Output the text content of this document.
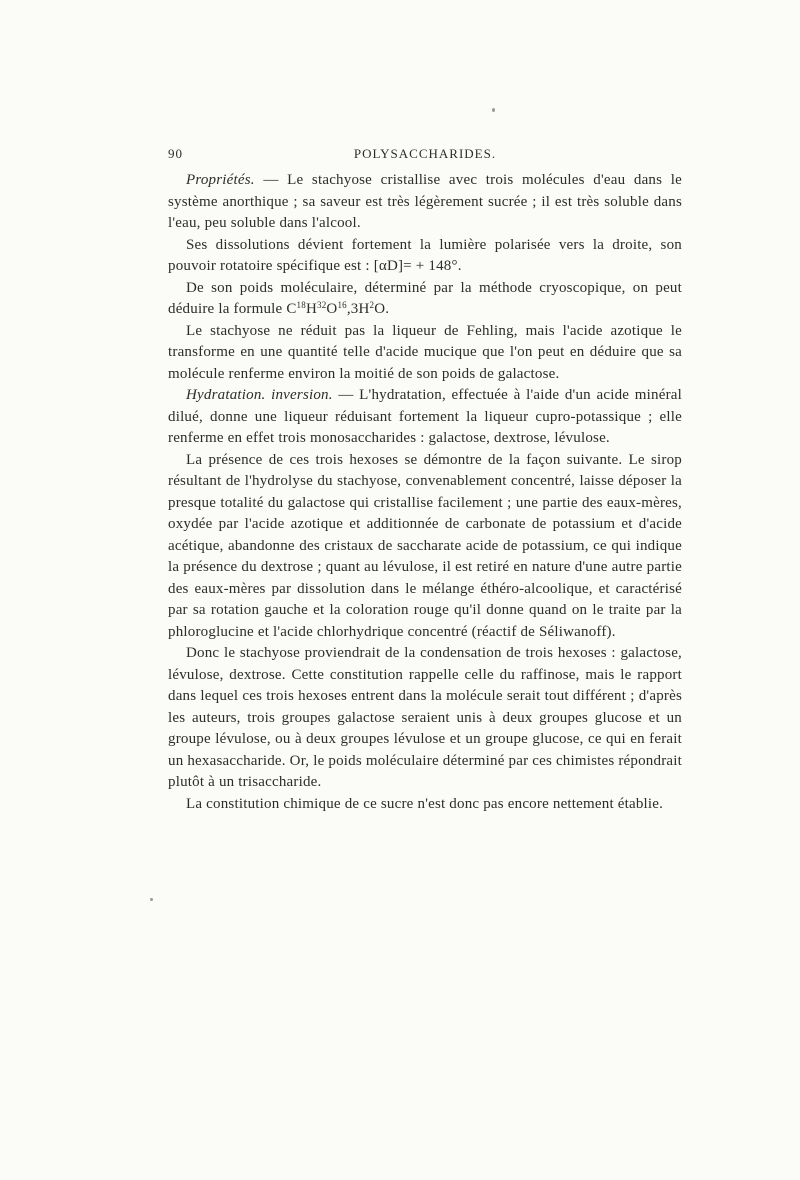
90	POLYSACCHARIDES.

Propriétés. — Le stachyose cristallise avec trois molécules d'eau dans le système anorthique ; sa saveur est très légèrement sucrée ; il est très soluble dans l'eau, peu soluble dans l'alcool.

Ses dissolutions dévient fortement la lumière polarisée vers la droite, son pouvoir rotatoire spécifique est : [αD]= + 148°.

De son poids moléculaire, déterminé par la méthode cryoscopique, on peut déduire la formule $C^{18}H^{32}O^{16},3H^2O$.

Le stachyose ne réduit pas la liqueur de Fehling, mais l'acide azotique le transforme en une quantité telle d'acide mucique que l'on peut en déduire que sa molécule renferme environ la moitié de son poids de galactose.

Hydratation. inversion. — L'hydratation, effectuée à l'aide d'un acide minéral dilué, donne une liqueur réduisant fortement la liqueur cupro-potassique ; elle renferme en effet trois monosaccharides : galactose, dextrose, lévulose.

La présence de ces trois hexoses se démontre de la façon suivante. Le sirop résultant de l'hydrolyse du stachyose, convenablement concentré, laisse déposer la presque totalité du galactose qui cristallise facilement ; une partie des eaux-mères, oxydée par l'acide azotique et additionnée de carbonate de potassium et d'acide acétique, abandonne des cristaux de saccharate acide de potassium, ce qui indique la présence du dextrose ; quant au lévulose, il est retiré en nature d'une autre partie des eaux-mères par dissolution dans le mélange éthéro-alcoolique, et caractérisé par sa rotation gauche et la coloration rouge qu'il donne quand on le traite par la phloroglucine et l'acide chlorhydrique concentré (réactif de Séliwanoff).

Donc le stachyose proviendrait de la condensation de trois hexoses : galactose, lévulose, dextrose. Cette constitution rappelle celle du raffinose, mais le rapport dans lequel ces trois hexoses entrent dans la molécule serait tout différent ; d'après les auteurs, trois groupes galactose seraient unis à deux groupes glucose et un groupe lévulose, ou à deux groupes lévulose et un groupe glucose, ce qui en ferait un hexasaccharide. Or, le poids moléculaire déterminé par ces chimistes répondrait plutôt à un trisaccharide.

La constitution chimique de ce sucre n'est donc pas encore nettement établie.
